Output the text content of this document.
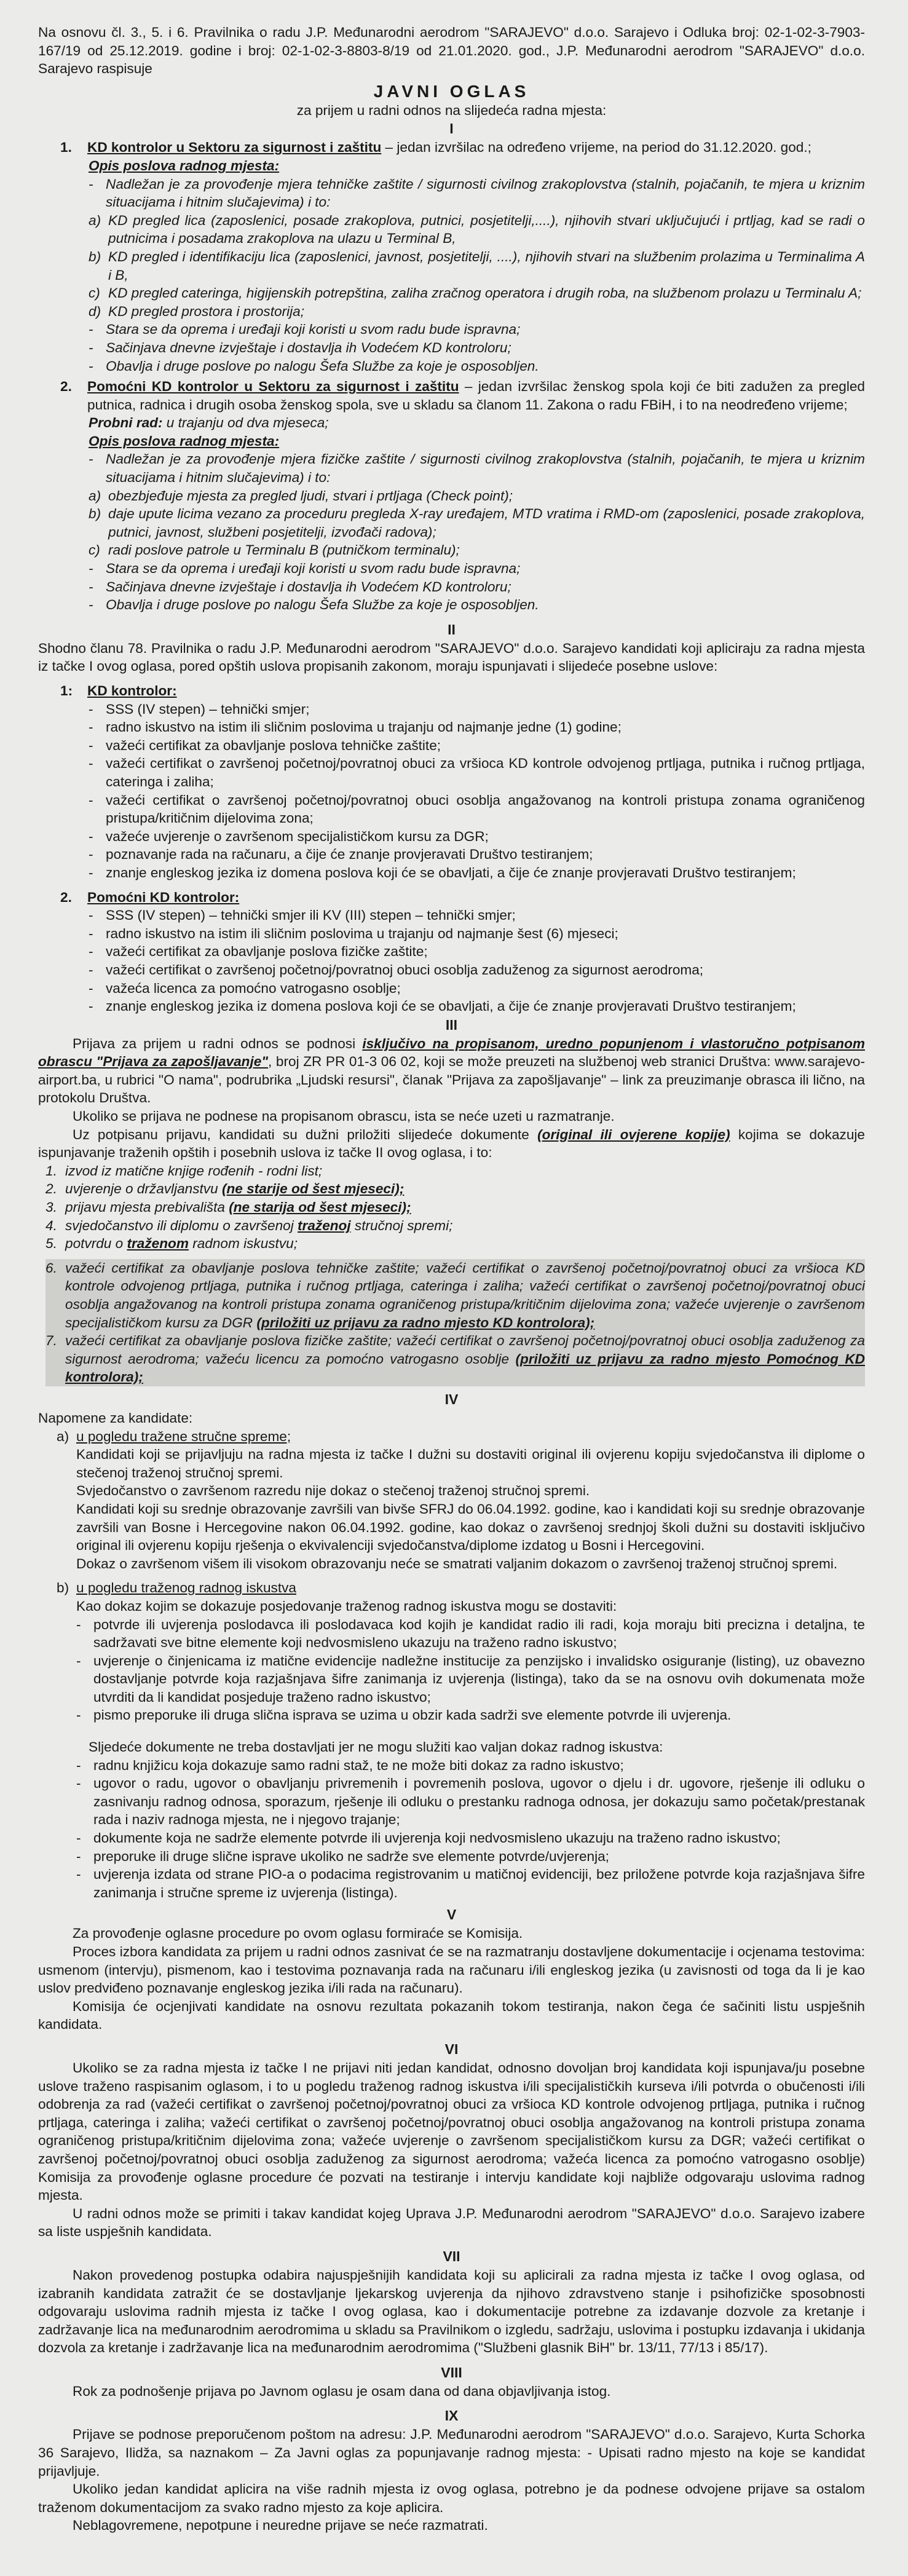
Na osnovu čl. 3., 5. i 6. Pravilnika o radu J.P. Međunarodni aerodrom "SARAJEVO" d.o.o. Sarajevo i Odluka broj: 02-1-02-3-7903-167/19 od 25.12.2019. godine i broj: 02-1-02-3-8803-8/19 od 21.01.2020. god., J.P. Međunarodni aerodrom "SARAJEVO" d.o.o. Sarajevo raspisuje

JAVNI OGLAS

za prijem u radni odnos na slijedeća radna mjesta:

I

1.	KD kontrolor u Sektoru za sigurnost i zaštitu – jedan izvršilac na određeno vrijeme, na period do 31.12.2020. god.;

Opis poslova radnog mjesta:

- Nadležan je za provođenje mjera tehničke zaštite / sigurnosti civilnog zrakoplovstva (stalnih, pojačanih, te mjera u kriznim situacijama i hitnim slučajevima) i to:
a) KD pregled lica (zaposlenici, posade zrakoplova, putnici, posjetitelji,....), njihovih stvari uključujući i prtljag, kad se radi o putnicima i posadama zrakoplova na ulazu u Terminal B,
b) KD pregled i identifikaciju lica (zaposlenici, javnost, posjetitelji, ....), njihovih stvari na službenim prolazima u Terminalima A i B,
c) KD pregled cateringa, higijenskih potrepština, zaliha zračnog operatora i drugih roba, na službenom prolazu u Terminalu A;
d) KD pregled prostora i prostorija;
- Stara se da oprema i uređaji koji koristi u svom radu bude ispravna;
- Sačinjava dnevne izvještaje i dostavlja ih Vodećem KD kontroloru;
- Obavlja i druge poslove po nalogu Šefa Službe za koje je osposobljen.
2.	Pomoćni KD kontrolor u Sektoru za sigurnost i zaštitu – jedan izvršilac ženskog spola koji će biti zadužen za pregled putnica, radnica i drugih osoba ženskog spola, sve u skladu sa članom 11. Zakona o radu FBiH, i to na neodređeno vrijeme;

Probni rad: u trajanju od dva mjeseca;

Opis poslova radnog mjesta:

- Nadležan je za provođenje mjera fizičke zaštite / sigurnosti civilnog zrakoplovstva (stalnih, pojačanih, te mjera u kriznim situacijama i hitnim slučajevima) i to:
a) obezbjeđuje mjesta za pregled ljudi, stvari i prtljaga (Check point);
b) daje upute licima vezano za proceduru pregleda X-ray uređajem, MTD vratima i RMD-om (zaposlenici, posade zrakoplova, putnici, javnost, službeni posjetitelji, izvođači radova);
c) radi poslove patrole u Terminalu B (putničkom terminalu);
- Stara se da oprema i uređaji koji koristi u svom radu bude ispravna;
- Sačinjava dnevne izvještaje i dostavlja ih Vodećem KD kontroloru;
- Obavlja i druge poslove po nalogu Šefa Službe za koje je osposobljen.

II

Shodno članu 78. Pravilnika o radu J.P. Međunarodni aerodrom "SARAJEVO" d.o.o. Sarajevo kandidati koji apliciraju za radna mjesta iz tačke I ovog oglasa, pored opštih uslova propisanih zakonom, moraju ispunjavati i slijedeće posebne uslove:

1:	KD kontrolor:
- SSS (IV stepen) – tehnički smjer;
- radno iskustvo na istim ili sličnim poslovima u trajanju od najmanje jedne (1) godine;
- važeći certifikat za obavljanje poslova tehničke zaštite;
- važeći certifikat o završenoj početnoj/povratnoj obuci za vršioca KD kontrole odvojenog prtljaga, putnika i ručnog prtljaga, cateringa i zaliha;
- važeći certifikat o završenoj početnoj/povratnoj obuci osoblja angažovanog na kontroli pristupa zonama ograničenog pristupa/kritičnim dijelovima zona;
- važeće uvjerenje o završenom specijalističkom kursu za DGR;
- poznavanje rada na računaru, a čije će znanje provjeravati Društvo testiranjem;
- znanje engleskog jezika iz domena poslova koji će se obavljati, a čije će znanje provjeravati Društvo testiranjem;
2.	Pomoćni KD kontrolor:
- SSS (IV stepen) – tehnički smjer ili KV (III) stepen – tehnički smjer;
- radno iskustvo na istim ili sličnim poslovima u trajanju od najmanje šest (6) mjeseci;
- važeći certifikat za obavljanje poslova fizičke zaštite;
- važeći certifikat o završenoj početnoj/povratnoj obuci osoblja zaduženog za sigurnost aerodroma;
- važeća licenca za pomoćno vatrogasno osoblje;
- znanje engleskog jezika iz domena poslova koji će se obavljati, a čije će znanje provjeravati Društvo testiranjem;

III

Prijava za prijem u radni odnos se podnosi isključivo na propisanom, uredno popunjenom i vlastoručno potpisanom obrascu "Prijava za zapošljavanje", broj ZR PR 01-3 06 02, koji se može preuzeti na službenoj web stranici Društva: www.sarajevo-airport.ba, u rubrici "O nama", podrubrika „Ljudski resursi", članak "Prijava za zapošljavanje" – link za preuzimanje obrasca ili lično, na protokolu Društva.

Ukoliko se prijava ne podnese na propisanom obrascu, ista se neće uzeti u razmatranje.

Uz potpisanu prijavu, kandidati su dužni priložiti slijedeće dokumente (original ili ovjerene kopije) kojima se dokazuje ispunjavanje traženih opštih i posebnih uslova iz tačke II ovog oglasa, i to:

1. izvod iz matične knjige rođenih - rodni list;
2. uvjerenje o državljanstvu (ne starije od šest mjeseci);
3. prijavu mjesta prebivališta (ne starija od šest mjeseci);
4. svjedočanstvo ili diplomu o završenoj traženoj stručnoj spremi;
5. potvrdu o traženom radnom iskustvu;
6. važeći certifikat za obavljanje poslova tehničke zaštite; važeći certifikat o završenoj početnoj/povratnoj obuci za vršioca KD kontrole odvojenog prtljaga, putnika i ručnog prtljaga, cateringa i zaliha; važeći certifikat o završenoj početnoj/povratnoj obuci osoblja angažovanog na kontroli pristupa zonama ograničenog pristupa/kritičnim dijelovima zona; važeće uvjerenje o završenom specijalističkom kursu za DGR (priložiti uz prijavu za radno mjesto KD kontrolora);
7. važeći certifikat za obavljanje poslova fizičke zaštite; važeći certifikat o završenoj početnoj/povratnoj obuci osoblja zaduženog za sigurnost aerodroma; važeću licencu za pomoćno vatrogasno osoblje (priložiti uz prijavu za radno mjesto Pomoćnog KD kontrolora);

IV

Napomene za kandidate:

a) u pogledu tražene stručne spreme;

Kandidati koji se prijavljuju na radna mjesta iz tačke I dužni su dostaviti original ili ovjerenu kopiju svjedočanstva ili diplome o stečenoj traženoj stručnoj spremi.

Svjedočanstvo o završenom razredu nije dokaz o stečenoj traženoj stručnoj spremi.

Kandidati koji su srednje obrazovanje završili van bivše SFRJ do 06.04.1992. godine, kao i kandidati koji su srednje obrazovanje završili van Bosne i Hercegovine nakon 06.04.1992. godine, kao dokaz o završenoj srednjoj školi dužni su dostaviti isključivo original ili ovjerenu kopiju rješenja o ekvivalenciji svjedočanstva/diplome izdatog u Bosni i Hercegovini.

Dokaz o završenom višem ili visokom obrazovanju neće se smatrati valjanim dokazom o završenoj traženoj stručnoj spremi.

b) u pogledu traženog radnog iskustva

Kao dokaz kojim se dokazuje posjedovanje traženog radnog iskustva mogu se dostaviti:

- potvrde ili uvjerenja poslodavca ili poslodavaca kod kojih je kandidat radio ili radi, koja moraju biti precizna i detaljna, te sadržavati sve bitne elemente koji nedvosmisleno ukazuju na traženo radno iskustvo;
- uvjerenje o činjenicama iz matične evidencije nadležne institucije za penzijsko i invalidsko osiguranje (listing), uz obavezno dostavljanje potvrde koja razjašnjava šifre zanimanja iz uvjerenja (listinga), tako da se na osnovu ovih dokumenata može utvrditi da li kandidat posjeduje traženo radno iskustvo;
- pismo preporuke ili druga slična isprava se uzima u obzir kada sadrži sve elemente potvrde ili uvjerenja.

Sljedeće dokumente ne treba dostavljati jer ne mogu služiti kao valjan dokaz radnog iskustva:

- radnu knjižicu koja dokazuje samo radni staž, te ne može biti dokaz za radno iskustvo;
- ugovor o radu, ugovor o obavljanju privremenih i povremenih poslova, ugovor o djelu i dr. ugovore, rješenje ili odluku o zasnivanju radnog odnosa, sporazum, rješenje ili odluku o prestanku radnoga odnosa, jer dokazuju samo početak/prestanak rada i naziv radnoga mjesta, ne i njegovo trajanje;
- dokumente koja ne sadrže elemente potvrde ili uvjerenja koji nedvosmisleno ukazuju na traženo radno iskustvo;
- preporuke ili druge slične isprave ukoliko ne sadrže sve elemente potvrde/uvjerenja;
- uvjerenja izdata od strane PIO-a o podacima registrovanim u matičnoj evidenciji, bez priložene potvrde koja razjašnjava šifre zanimanja i stručne spreme iz uvjerenja (listinga).

V

Za provođenje oglasne procedure po ovom oglasu formiraće se Komisija.

Proces izbora kandidata za prijem u radni odnos zasnivat će se na razmatranju dostavljene dokumentacije i ocjenama testovima: usmenom (intervju), pismenom, kao i testovima poznavanja rada na računaru i/ili engleskog jezika (u zavisnosti od toga da li je kao uslov predviđeno poznavanje engleskog jezika i/ili rada na računaru).

Komisija će ocjenjivati kandidate na osnovu rezultata pokazanih tokom testiranja, nakon čega će sačiniti listu uspješnih kandidata.

VI

Ukoliko se za radna mjesta iz tačke I ne prijavi niti jedan kandidat, odnosno dovoljan broj kandidata koji ispunjava/ju posebne uslove traženo raspisanim oglasom, i to u pogledu traženog radnog iskustva i/ili specijalističkih kurseva i/ili potvrda o obučenosti i/ili odobrenja za rad (važeći certifikat o završenoj početnoj/povratnoj obuci za vršioca KD kontrole odvojenog prtljaga, putnika i ručnog prtljaga, cateringa i zaliha; važeći certifikat o završenoj početnoj/povratnoj obuci osoblja angažovanog na kontroli pristupa zonama ograničenog pristupa/kritičnim dijelovima zona; važeće uvjerenje o završenom specijalističkom kursu za DGR; važeći certifikat o završenoj početnoj/povratnoj obuci osoblja zaduženog za sigurnost aerodroma; važeća licenca za pomoćno vatrogasno osoblje) Komisija za provođenje oglasne procedure će pozvati na testiranje i intervju kandidate koji najbliže odgovaraju uslovima radnog mjesta.

U radni odnos može se primiti i takav kandidat kojeg Uprava J.P. Međunarodni aerodrom "SARAJEVO" d.o.o. Sarajevo izabere sa liste uspješnih kandidata.

VII

Nakon provedenog postupka odabira najuspješnijih kandidata koji su aplicirali za radna mjesta iz tačke I ovog oglasa, od izabranih kandidata zatražit će se dostavljanje ljekarskog uvjerenja da njihovo zdravstveno stanje i psihofizičke sposobnosti odgovaraju uslovima radnih mjesta iz tačke I ovog oglasa, kao i dokumentacije potrebne za izdavanje dozvole za kretanje i zadržavanje lica na međunarodnim aerodromima u skladu sa Pravilnikom o izgledu, sadržaju, uslovima i postupku izdavanja i ukidanja dozvola za kretanje i zadržavanje lica na međunarodnim aerodromima ("Službeni glasnik BiH" br. 13/11, 77/13 i 85/17).

VIII

Rok za podnošenje prijava po Javnom oglasu je osam dana od dana objavljivanja istog.

IX

Prijave se podnose preporučenom poštom na adresu: J.P. Međunarodni aerodrom "SARAJEVO" d.o.o. Sarajevo, Kurta Schorka 36 Sarajevo, Ilidža, sa naznakom – Za Javni oglas za popunjavanje radnog mjesta: - Upisati radno mjesto na koje se kandidat prijavljuje.

Ukoliko jedan kandidat aplicira na više radnih mjesta iz ovog oglasa, potrebno je da podnese odvojene prijave sa ostalom traženom dokumentacijom za svako radno mjesto za koje aplicira.

Neblagovremene, nepotpune i neuredne prijave se neće razmatrati.
